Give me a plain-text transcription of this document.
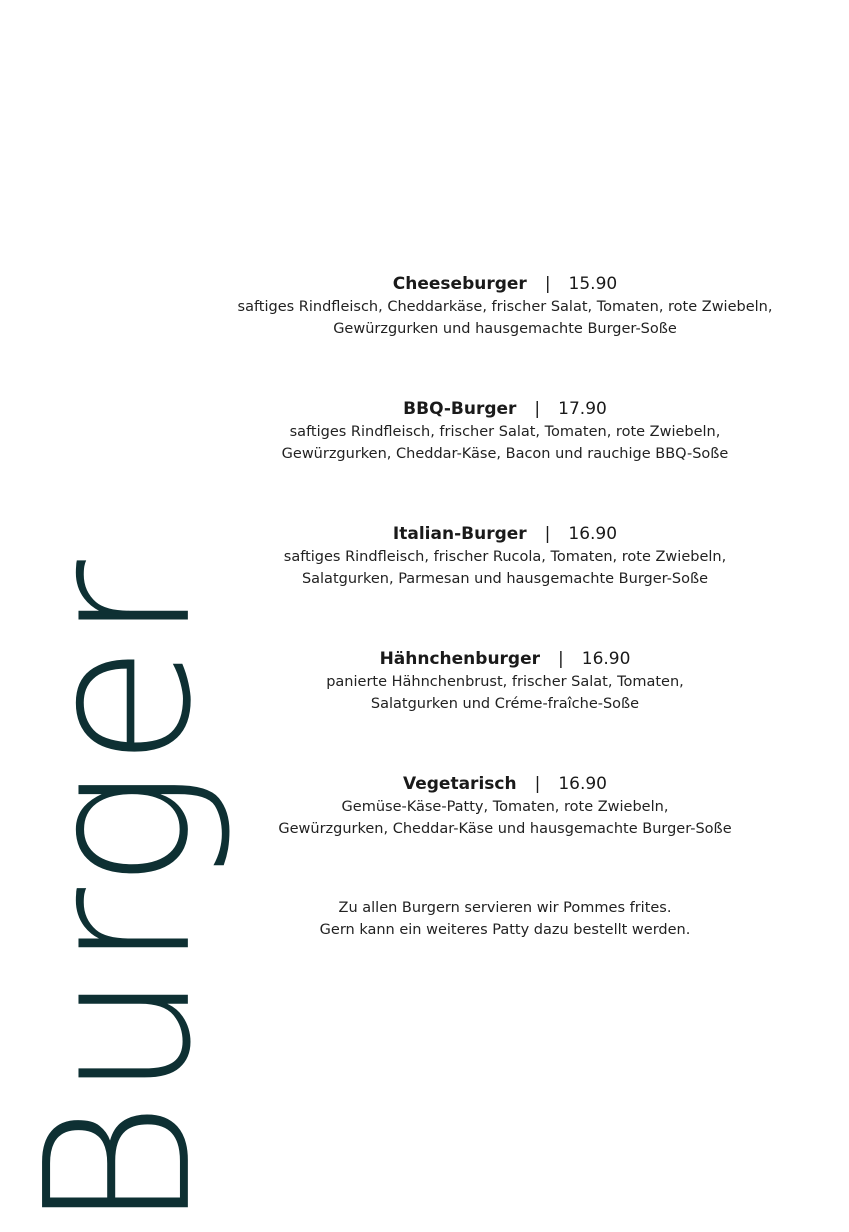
Burger
Cheeseburger | 15.90
saftiges Rindfleisch, Cheddarkäse, frischer Salat, Tomaten, rote Zwiebeln,
Gewürzgurken und hausgemachte Burger-Soße
BBQ-Burger | 17.90
saftiges Rindfleisch, frischer Salat, Tomaten, rote Zwiebeln,
Gewürzgurken, Cheddar-Käse, Bacon und rauchige BBQ-Soße
Italian-Burger | 16.90
saftiges Rindfleisch, frischer Rucola, Tomaten, rote Zwiebeln,
Salatgurken, Parmesan und hausgemachte Burger-Soße
Hähnchenburger | 16.90
panierte Hähnchenbrust, frischer Salat, Tomaten,
Salatgurken und Créme-fraîche-Soße
Vegetarisch | 16.90
Gemüse-Käse-Patty, Tomaten, rote Zwiebeln,
Gewürzgurken, Cheddar-Käse und hausgemachte Burger-Soße
Zu allen Burgern servieren wir Pommes frites.
Gern kann ein weiteres Patty dazu bestellt werden.
